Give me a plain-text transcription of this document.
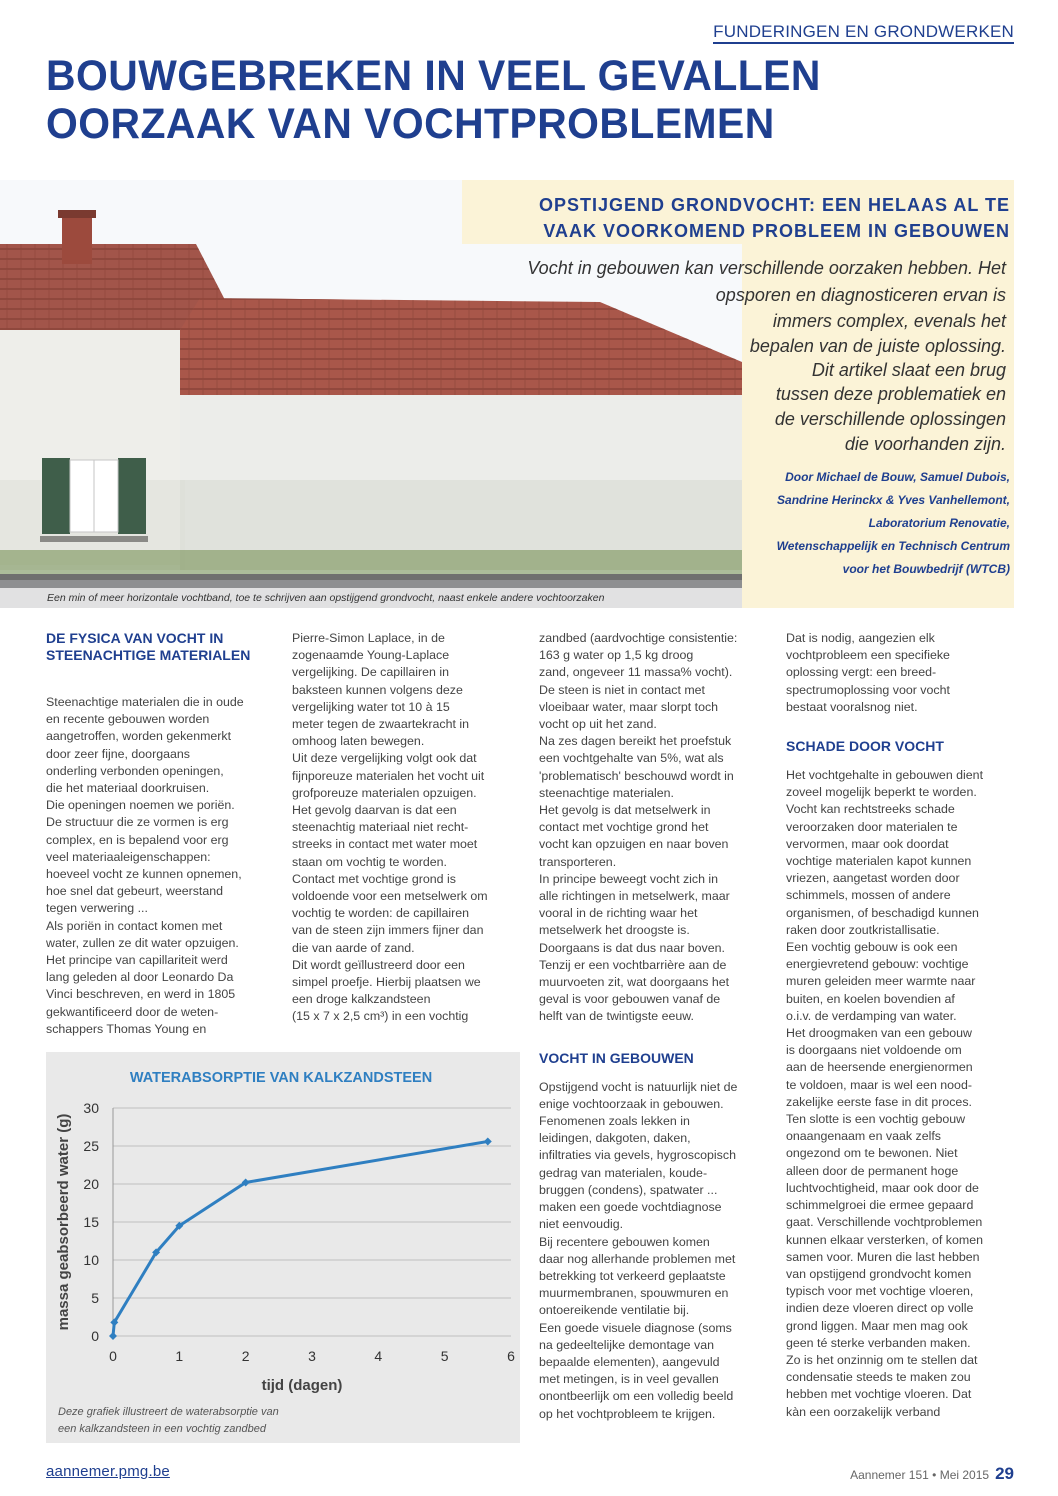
FUNDERINGEN EN GRONDWERKEN
BOUWGEBREKEN IN VEEL GEVALLEN
OORZAAK VAN VOCHTPROBLEMEN
Een min of meer horizontale vochtband, toe te schrijven aan opstijgend grondvocht, naast enkele andere vochtoorzaken
OPSTIJGEND GRONDVOCHT: EEN HELAAS AL TE
VAAK VOORKOMEND PROBLEEM IN GEBOUWEN
Vocht in gebouwen kan verschillende oorzaken hebben. Het
opsporen en diagnosticeren ervan is
immers complex, evenals het
bepalen van de juiste oplossing.
Dit artikel slaat een brug
tussen deze problematiek en
de verschillende oplossingen
die voorhanden zijn.
Door Michael de Bouw, Samuel Dubois,
Sandrine Herinckx & Yves Vanhellemont,
Laboratorium Renovatie,
Wetenschappelijk en Technisch Centrum
voor het Bouwbedrijf (WTCB)
DE FYSICA VAN VOCHT IN
STEENACHTIGE MATERIALEN

Steenachtige materialen die in oude

en recente gebouwen worden

aangetroffen, worden gekenmerkt

door zeer fijne, doorgaans

onderling verbonden openingen,

die het materiaal doorkruisen.

Die openingen noemen we poriën.

De structuur die ze vormen is erg

complex, en is bepalend voor erg

veel materiaaleigenschappen:

hoeveel vocht ze kunnen opnemen,

hoe snel dat gebeurt, weerstand

tegen verwering ...

Als poriën in contact komen met

water, zullen ze dit water opzuigen.

Het principe van capillariteit werd

lang geleden al door Leonardo Da

Vinci beschreven, en werd in 1805

gekwantificeerd door de weten-

schappers Thomas Young en

Pierre-Simon Laplace, in de

zogenaamde Young-Laplace

vergelijking. De capillairen in

baksteen kunnen volgens deze

vergelijking water tot 10 à 15

meter tegen de zwaartekracht in

omhoog laten bewegen.

Uit deze vergelijking volgt ook dat

fijnporeuze materialen het vocht uit

grofporeuze materialen opzuigen.

Het gevolg daarvan is dat een

steenachtig materiaal niet recht-

streeks in contact met water moet

staan om vochtig te worden.

Contact met vochtige grond is

voldoende voor een metselwerk om

vochtig te worden: de capillairen

van de steen zijn immers fijner dan

die van aarde of zand.

Dit wordt geïllustreerd door een

simpel proefje. Hierbij plaatsen we

een droge kalkzandsteen

(15 x 7 x 2,5 cm³) in een vochtig

zandbed (aardvochtige consistentie:

163 g water op 1,5 kg droog

zand, ongeveer 11 massa% vocht).

De steen is niet in contact met

vloeibaar water, maar slorpt toch

vocht op uit het zand.

Na zes dagen bereikt het proefstuk

een vochtgehalte van 5%, wat als

'problematisch' beschouwd wordt in

steenachtige materialen.

Het gevolg is dat metselwerk in

contact met vochtige grond het

vocht kan opzuigen en naar boven

transporteren.

In principe beweegt vocht zich in

alle richtingen in metselwerk, maar

vooral in de richting waar het

metselwerk het droogste is.

Doorgaans is dat dus naar boven.

Tenzij er een vochtbarrière aan de

muurvoeten zit, wat doorgaans het

geval is voor gebouwen vanaf de

helft van de twintigste eeuw.

VOCHT IN GEBOUWEN

Opstijgend vocht is natuurlijk niet de

enige vochtoorzaak in gebouwen.

Fenomenen zoals lekken in

leidingen, dakgoten, daken,

infiltraties via gevels, hygroscopisch

gedrag van materialen, koude-

bruggen (condens), spatwater ...

maken een goede vochtdiagnose

niet eenvoudig.

Bij recentere gebouwen komen

daar nog allerhande problemen met

betrekking tot verkeerd geplaatste

muurmembranen, spouwmuren en

ontoereikende ventilatie bij.

Een goede visuele diagnose (soms

na gedeeltelijke demontage van

bepaalde elementen), aangevuld

met metingen, is in veel gevallen

onontbeerlijk om een volledig beeld

op het vochtprobleem te krijgen.

Dat is nodig, aangezien elk

vochtprobleem een specifieke

oplossing vergt: een breed-

spectrumoplossing voor vocht

bestaat vooralsnog niet.

SCHADE DOOR VOCHT

Het vochtgehalte in gebouwen dient

zoveel mogelijk beperkt te worden.

Vocht kan rechtstreeks schade

veroorzaken door materialen te

vervormen, maar ook doordat

vochtige materialen kapot kunnen

vriezen, aangetast worden door

schimmels, mossen of andere

organismen, of beschadigd kunnen

raken door zoutkristallisatie.

Een vochtig gebouw is ook een

energievretend gebouw: vochtige

muren geleiden meer warmte naar

buiten, en koelen bovendien af

o.i.v. de verdamping van water.

Het droogmaken van een gebouw

is doorgaans niet voldoende om

aan de heersende energienormen

te voldoen, maar is wel een nood-

zakelijke eerste fase in dit proces.

Ten slotte is een vochtig gebouw

onaangenaam en vaak zelfs

ongezond om te bewonen. Niet

alleen door de permanent hoge

luchtvochtigheid, maar ook door de

schimmelgroei die ermee gepaard

gaat. Verschillende vochtproblemen

kunnen elkaar versterken, of komen

samen voor. Muren die last hebben

van opstijgend grondvocht komen

typisch voor met vochtige vloeren,

indien deze vloeren direct op volle

grond liggen. Maar men mag ook

geen té sterke verbanden maken.

Zo is het onzinnig om te stellen dat

condensatie steeds te maken zou

hebben met vochtige vloeren. Dat

kàn een oorzakelijk verband

0
5
10
15
20
25
30
0	1	2	3	4	5	6
WATERABSORPTIE VAN KALKZANDSTEEN
massa geabsorbeerd water (g)
tijd (dagen)
Deze grafiek illustreert de waterabsorptie van
een kalkzandsteen in een vochtig zandbed
aannemer.pmg.be	Aannemer 151 • Mei 2015 29
